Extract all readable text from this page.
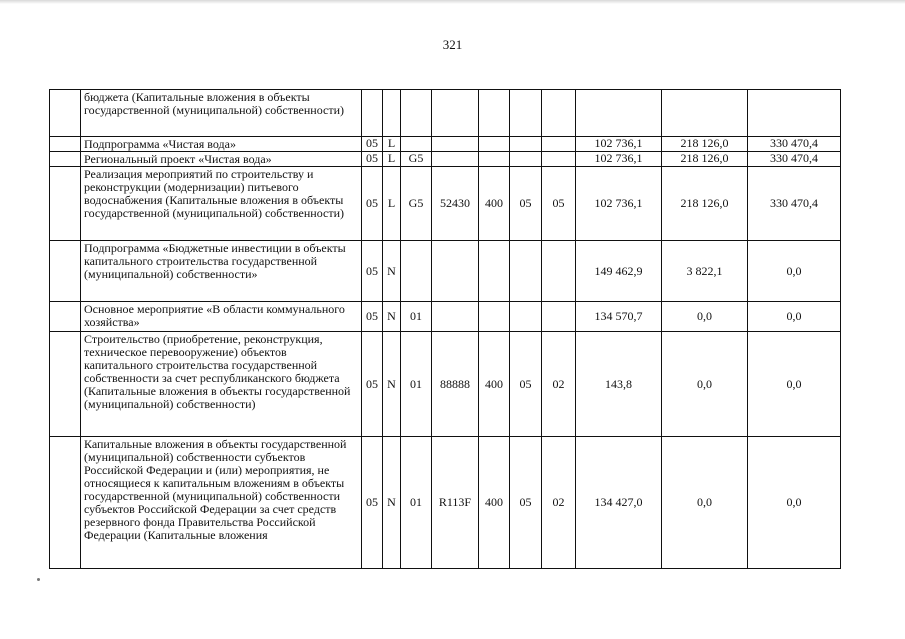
321
	бюджета (Капитальные вложения в объекты государственной (муниципальной) собственности)										
	Подпрограмма «Чистая вода»	05	L						102 736,1	218 126,0	330 470,4
	Региональный проект «Чистая вода»	05	L	G5					102 736,1	218 126,0	330 470,4
	Реализация мероприятий по строительству и реконструкции (модернизации) питьевого водоснабжения (Капитальные вложения в объекты государственной (муниципальной) собственности)	05	L	G5	52430	400	05	05	102 736,1	218 126,0	330 470,4
	Подпрограмма «Бюджетные инвестиции в объекты капитального строительства государственной (муниципальной) собственности»	05	N						149 462,9	3 822,1	0,0
	Основное мероприятие «В области коммунального хозяйства»	05	N	01					134 570,7	0,0	0,0
	Строительство (приобретение, реконструкция, техническое перевооружение) объектов капитального строительства государственной собственности за счет республиканского бюджета (Капитальные вложения в объекты государственной (муниципальной) собственности)	05	N	01	88888	400	05	02	143,8	0,0	0,0
	Капитальные вложения в объекты государственной (муниципальной) собственности субъектов Российской Федерации и (или) мероприятия, не относящиеся к капитальным вложениям в объекты государственной (муниципальной) собственности субъектов Российской Федерации за счет средств резервного фонда Правительства Российской Федерации (Капитальные вложения	05	N	01	R113F	400	05	02	134 427,0	0,0	0,0
